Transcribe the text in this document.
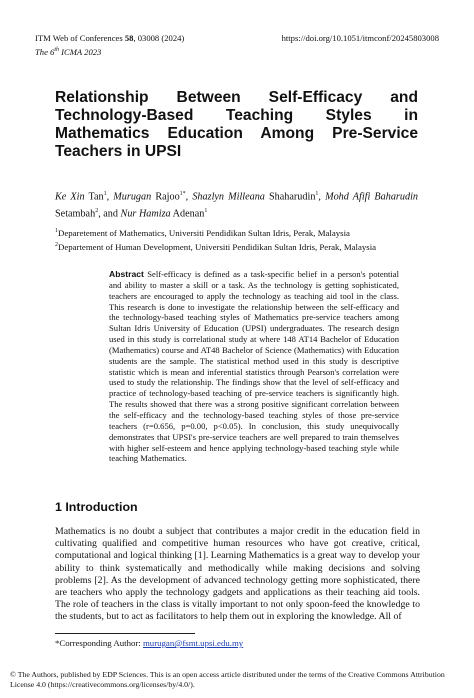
ITM Web of Conferences 58, 03008 (2024)
The 6th ICMA 2023
https://doi.org/10.1051/itmconf/20245803008
Relationship Between Self-Efficacy and Technology-Based Teaching Styles in Mathematics Education Among Pre-Service Teachers in UPSI
Ke Xin Tan$^1$, Murugan Rajoo$^{1*}$, Shazlyn Milleana Shaharudin$^1$, Mohd Afifi Baharudin Setambah$^2$, and Nur Hamiza Adenan$^1$
$^1$Deparetement of Mathematics, Universiti Pendidikan Sultan Idris, Perak, Malaysia
$^2$Departement of Human Development, Universiti Pendidikan Sultan Idris, Perak, Malaysia
Abstract Self-efficacy is defined as a task-specific belief in a person's potential and ability to master a skill or a task. As the technology is getting sophisticated, teachers are encouraged to apply the technology as teaching aid tool in the class. This research is done to investigate the relationship between the self-efficacy and the technology-based teaching styles of Mathematics pre-service teachers among Sultan Idris University of Education (UPSI) undergraduates. The research design used in this study is correlational study at where 148 AT14 Bachelor of Education (Mathematics) course and AT48 Bachelor of Science (Mathematics) with Education students are the sample. The statistical method used in this study is descriptive statistic which is mean and inferential statistics through Pearson's correlation were used to study the relationship. The findings show that the level of self-efficacy and practice of technology-based teaching of pre-service teachers is significantly high. The results showed that there was a strong positive significant correlation between the self-efficacy and the technology-based teaching styles of those pre-service teachers (r=0.656, p=0.00, p<0.05). In conclusion, this study unequivocally demonstrates that UPSI's pre-service teachers are well prepared to train themselves with higher self-esteem and hence applying technology-based teaching style while teaching Mathematics.
1 Introduction
Mathematics is no doubt a subject that contributes a major credit in the education field in cultivating qualified and competitive human resources who have got creative, critical, computational and logical thinking [1]. Learning Mathematics is a great way to develop your ability to think systematically and methodically while making decisions and solving problems [2]. As the development of advanced technology getting more sophisticated, there are teachers who apply the technology gadgets and applications as their teaching aid tools. The role of teachers in the class is vitally important to not only spoon-feed the knowledge to the students, but to act as facilitators to help them out in exploring the knowledge. All of
*Corresponding Author: murugan@fsmt.upsi.edu.my
© The Authors, published by EDP Sciences. This is an open access article distributed under the terms of the Creative Commons Attribution License 4.0 (https://creativecommons.org/licenses/by/4.0/).
